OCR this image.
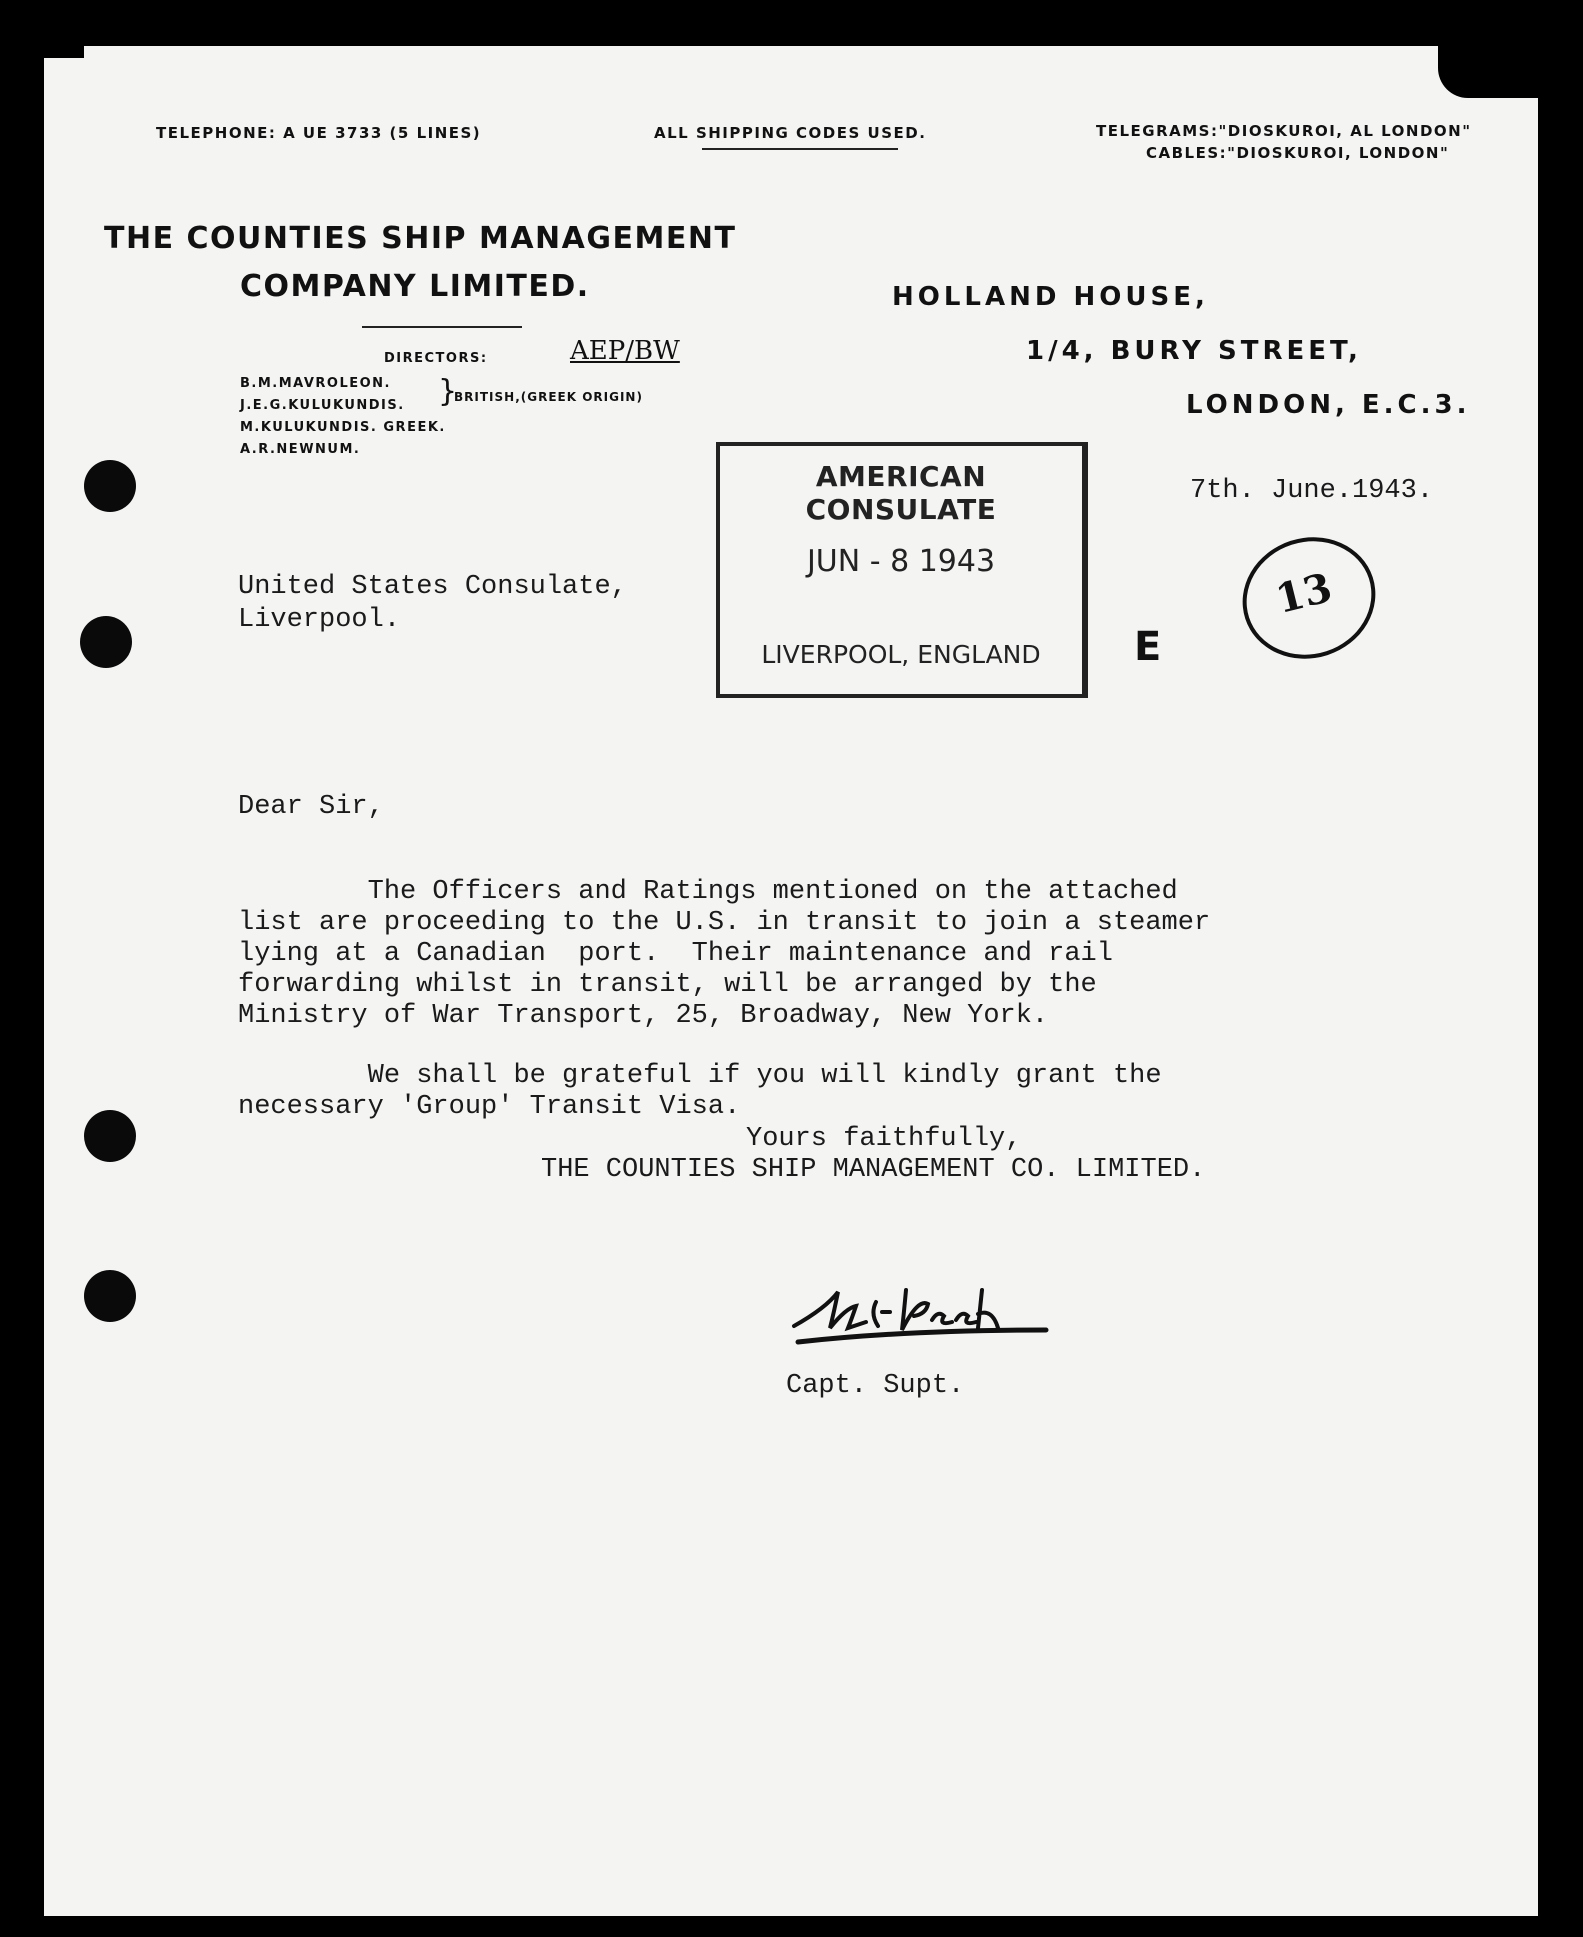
TELEPHONE: A UE 3733 (5 LINES)	ALL SHIPPING CODES USED.	TELEGRAMS:"DIOSKUROI, AL LONDON"
CABLES:"DIOSKUROI, LONDON"
THE COUNTIES SHIP MANAGEMENT
COMPANY LIMITED.
DIRECTORS:	AEP/BW
B.M.MAVROLEON.
J.E.G.KULUKUNDIS.
M.KULUKUNDIS. GREEK.
A.R.NEWNUM.
}
BRITISH,(GREEK ORIGIN)
HOLLAND HOUSE,
1/4, BURY STREET,
LONDON, E.C.3.
7th. June.1943.
AMERICAN CONSULATE
JUN - 8 1943
LIVERPOOL, ENGLAND	E
13
United States Consulate,
Liverpool.
Dear Sir,

The Officers and Ratings mentioned on the attached
list are proceeding to the U.S. in transit to join a steamer
lying at a Canadian  port.  Their maintenance and rail
forwarding whilst in transit, will be arranged by the
Ministry of War Transport, 25, Broadway, New York.

We shall be grateful if you will kindly grant the
necessary 'Group' Transit Visa.

Yours faithfully,
THE COUNTIES SHIP MANAGEMENT CO. LIMITED.
Capt. Supt.
